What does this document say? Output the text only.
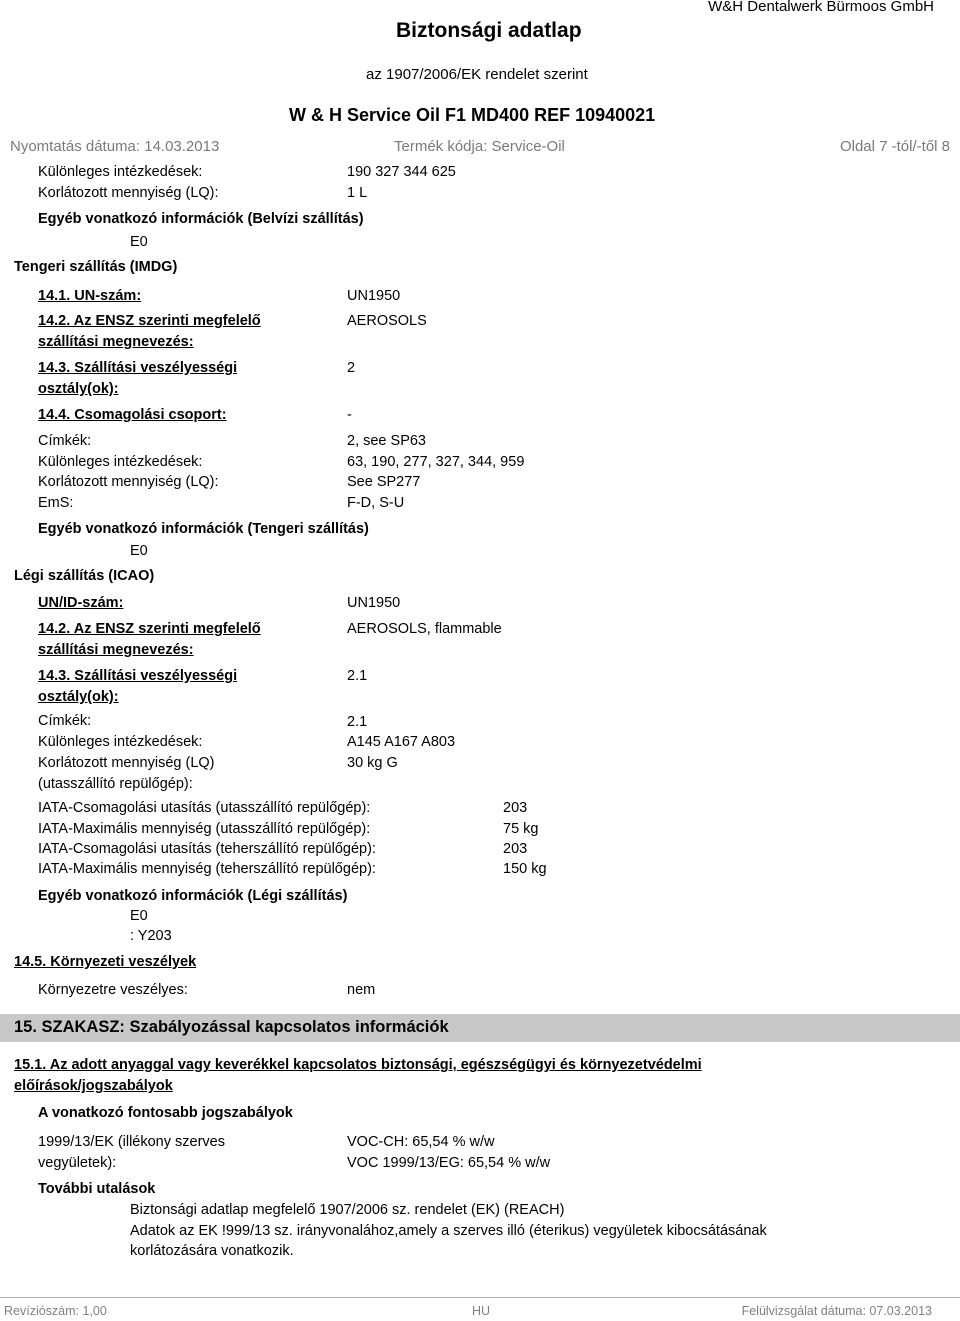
Biztonsági adatlap
W&H Dentalwerk Bürmoos GmbH
az 1907/2006/EK rendelet szerint
W & H Service Oil F1 MD400 REF 10940021
Nyomtatás dátuma: 14.03.2013	Termék kódja: Service-Oil	Oldal 7 -tól/-től 8
Különleges intézkedések:	190 327 344 625
Korlátozott mennyiség (LQ):	1 L
Egyéb vonatkozó információk (Belvízi szállítás)
E0
Tengeri szállítás (IMDG)
14.1. UN-szám:	UN1950
14.2. Az ENSZ szerinti megfelelő
szállítási megnevezés:
AEROSOLS
14.3. Szállítási veszélyességi
osztály(ok):
2
14.4. Csomagolási csoport:	-
Címkék:	2, see SP63
Különleges intézkedések:	63, 190, 277, 327, 344, 959
Korlátozott mennyiség (LQ):	See SP277
EmS:	F-D, S-U
Egyéb vonatkozó információk (Tengeri szállítás)
E0
Légi szállítás (ICAO)
UN/ID-szám:	UN1950
14.2. Az ENSZ szerinti megfelelő
szállítási megnevezés:
AEROSOLS, flammable
14.3. Szállítási veszélyességi
osztály(ok):
2.1
Címkék:	2.1
Különleges intézkedések:	A145 A167 A803
Korlátozott mennyiség (LQ)
(utasszállító repülőgép):
30 kg G
IATA-Csomagolási utasítás (utasszállító repülőgép):	203
IATA-Maximális mennyiség (utasszállító repülőgép):	75 kg
IATA-Csomagolási utasítás (teherszállító repülőgép):	203
IATA-Maximális mennyiség (teherszállító repülőgép):	150 kg
Egyéb vonatkozó információk (Légi szállítás)
E0
: Y203
14.5. Környezeti veszélyek
Környezetre veszélyes:	nem
15. SZAKASZ: Szabályozással kapcsolatos információk
15.1. Az adott anyaggal vagy keverékkel kapcsolatos biztonsági, egészségügyi és környezetvédelmi
előírások/jogszabályok
A vonatkozó fontosabb jogszabályok
1999/13/EK (illékony szerves
vegyületek):
VOC-CH: 65,54 % w/w
VOC 1999/13/EG: 65,54 % w/w
További utalások
Biztonsági adatlap megfelelő 1907/2006 sz. rendelet (EK) (REACH)
Adatok az EK !999/13 sz. irányvonalához,amely a szerves illó (éterikus) vegyületek kibocsátásának
korlátozására vonatkozik.
Revíziószám: 1,00	HU	Felülvizsgálat dátuma: 07.03.2013
